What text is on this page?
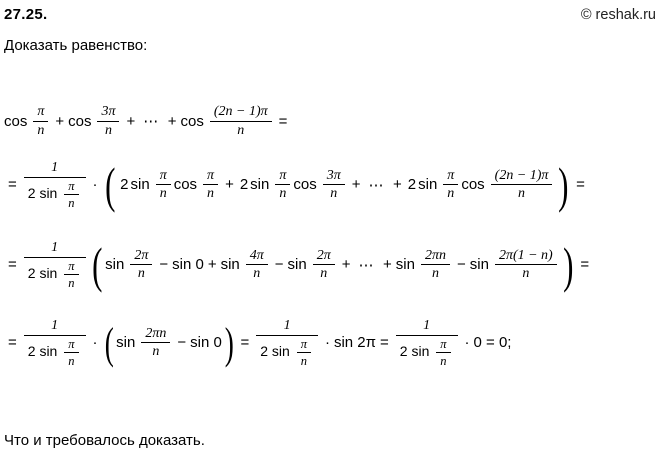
27.25.	© reshak.ru
Доказать равенство:
$\cos \frac{\pi}{n} + \cos \frac{3\pi}{n}$ + ⋯ + $\cos \frac{(2n - 1)\pi}{n}$ =
= $\frac{1}{2 \sin \frac{\pi}{n}}$ · ( 2 $\sin \frac{\pi}{n}$ $\cos \frac{\pi}{n} + 2$ $\sin \frac{\pi}{n}$ $\cos \frac{3\pi}{n}$ + ⋯ + 2 $\sin \frac{\pi}{n}$ $\cos \frac{(2n - 1)\pi}{n}$ ) =
= $\frac{1}{2 \sin \frac{\pi}{n}}$ ( $\sin \frac{2\pi}{n} - \sin 0 + \sin \frac{4\pi}{n} - \sin \frac{2\pi}{n}$ + ⋯ + $\sin \frac{2\pi n}{n} - \sin \frac{2\pi(1 - n)}{n}$ ) =
= $\frac{1}{2 \sin \frac{\pi}{n}}$ · ( $\sin \frac{2\pi n}{n} - \sin 0$ ) = $\frac{1}{2 \sin \frac{\pi}{n}} \cdot \sin 2\pi = \frac{1}{2 \sin \frac{\pi}{n}} \cdot 0 = 0$;
Что и требовалось доказать.
